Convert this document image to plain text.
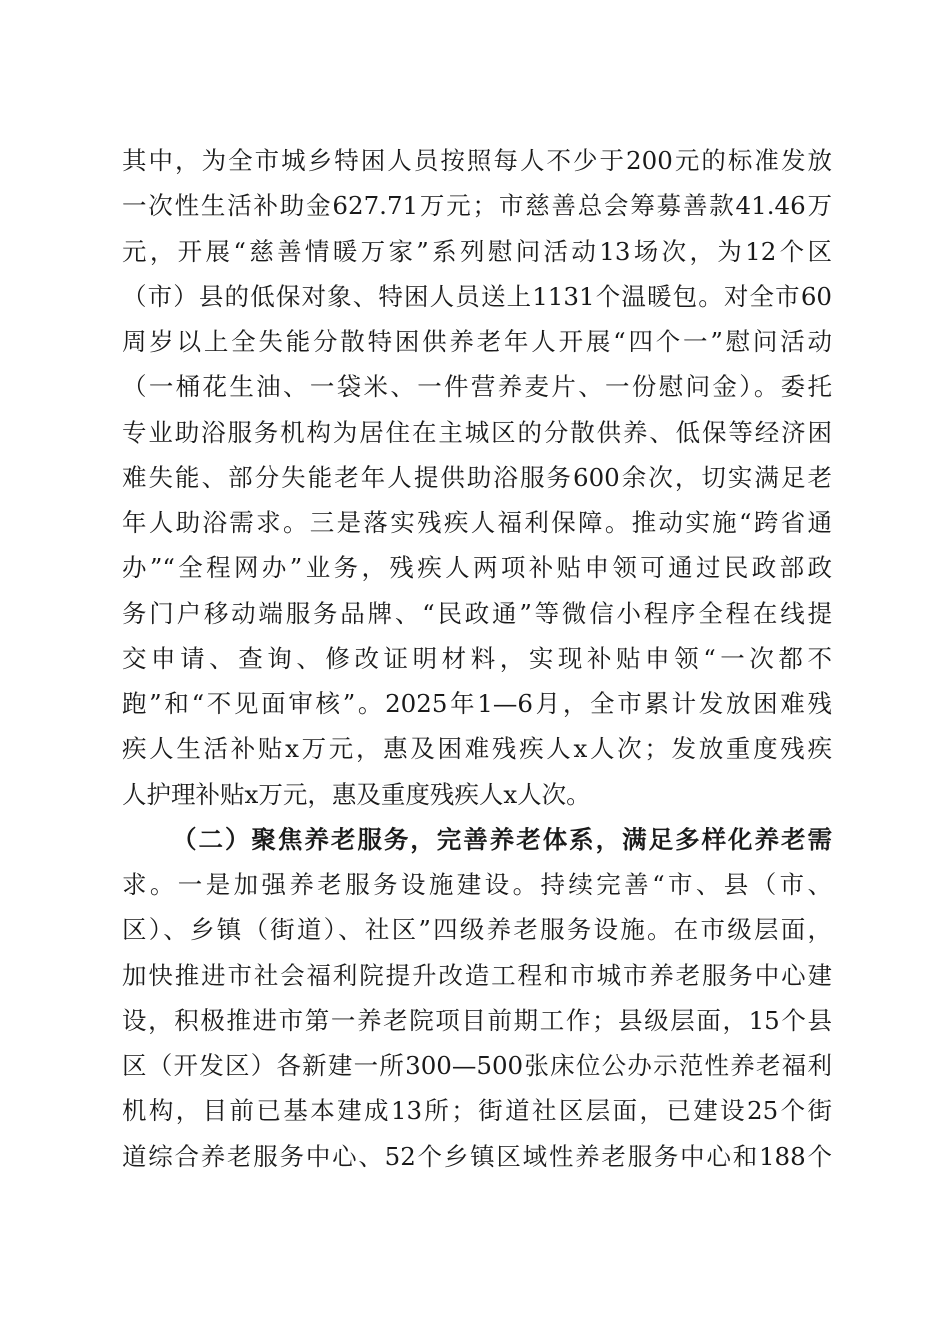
其中，为全市城乡特困人员按照每人不少于200元的标准发放
一次性生活补助金627.71万元；市慈善总会筹募善款41.46万
元，开展“慈善情暖万家”系列慰问活动13场次，为12个区
（市）县的低保对象、特困人员送上1131个温暖包。对全市60
周岁以上全失能分散特困供养老年人开展“四个一”慰问活动
（一桶花生油、一袋米、一件营养麦片、一份慰问金）。委托
专业助浴服务机构为居住在主城区的分散供养、低保等经济困
难失能、部分失能老年人提供助浴服务600余次，切实满足老
年人助浴需求。三是落实残疾人福利保障。推动实施“跨省通
办”“全程网办”业务，残疾人两项补贴申领可通过民政部政
务门户移动端服务品牌、“民政通”等微信小程序全程在线提
交申请、查询、修改证明材料，实现补贴申领“一次都不
跑”和“不见面审核”。2025年1—6月，全市累计发放困难残
疾人生活补贴x万元，惠及困难残疾人x人次；发放重度残疾
人护理补贴x万元，惠及重度残疾人x人次。
（二）聚焦养老服务，完善养老体系，满足多样化养老需
求。一是加强养老服务设施建设。持续完善“市、县（市、
区）、乡镇（街道）、社区”四级养老服务设施。在市级层面，
加快推进市社会福利院提升改造工程和市城市养老服务中心建
设，积极推进市第一养老院项目前期工作；县级层面，15个县
区（开发区）各新建一所300—500张床位公办示范性养老福利
机构，目前已基本建成13所；街道社区层面，已建设25个街
道综合养老服务中心、52个乡镇区域性养老服务中心和188个
